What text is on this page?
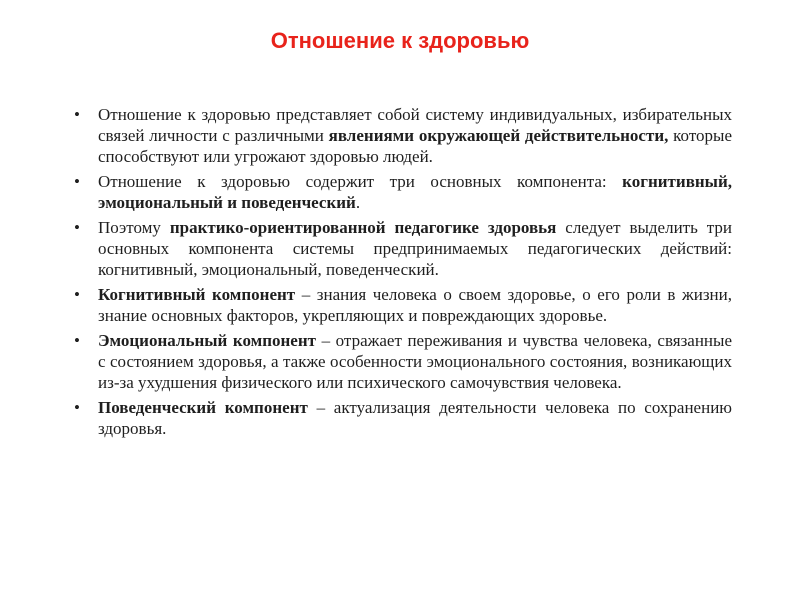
Отношение к здоровью
• Отношение к здоровью представляет собой систему индивидуальных, избирательных связей личности с различными явлениями окружающей действительности, которые способствуют или угрожают здоровью людей.
• Отношение к здоровью содержит три основных компонента: когнитивный, эмоциональный и поведенческий.
• Поэтому практико-ориентированной педагогике здоровья следует выделить три основных компонента системы предпринимаемых педагогических действий: когнитивный, эмоциональный, поведенческий.
• Когнитивный компонент – знания человека о своем здоровье, о его роли в жизни, знание основных факторов, укрепляющих и повреждающих здоровье.
• Эмоциональный компонент – отражает переживания и чувства человека, связанные с состоянием здоровья, а также особенности эмоционального состояния, возникающих из-за ухудшения физического или психического самочувствия человека.
• Поведенческий компонент – актуализация деятельности человека по сохранению здоровья.
